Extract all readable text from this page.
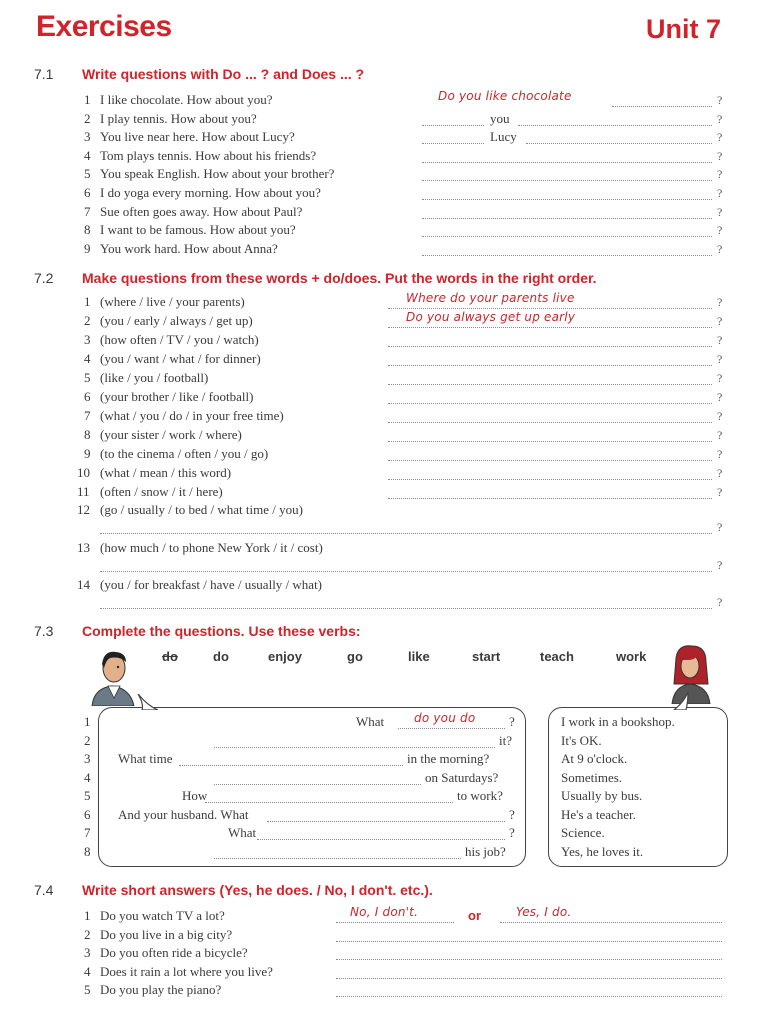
Exercises	Unit 7
7.1 Write questions with Do ... ? and Does ... ?
1 I like chocolate. How about you?	Do you like chocolate	?
2 I play tennis. How about you?	you	?
3 You live near here. How about Lucy?	Lucy	?
4 Tom plays tennis. How about his friends?	?
5 You speak English. How about your brother?	?
6 I do yoga every morning. How about you?	?
7 Sue often goes away. How about Paul?	?
8 I want to be famous. How about you?	?
9 You work hard. How about Anna?	?
7.2 Make questions from these words + do/does. Put the words in the right order.
1 (where / live / your parents)	Where do your parents live	?
2 (you / early / always / get up)	Do you always get up early	?
3 (how often / TV / you / watch)	?
4 (you / want / what / for dinner)	?
5 (like / you / football)	?
6 (your brother / like / football)	?
7 (what / you / do / in your free time)	?
8 (your sister / work / where)	?
9 (to the cinema / often / you / go)	?
10 (what / mean / this word)	?
11 (often / snow / it / here)	?
12 (go / usually / to bed / what time / you)
?
13 (how much / to phone New York / it / cost)
?
14 (you / for breakfast / have / usually / what)
?
7.3 Complete the questions. Use these verbs:
do	do	enjoy	go	like	start	teach	work
1	What do you do	?
2	it?
3 What time	in the morning?
4	on Saturdays?
5	How	to work?
6 And your husband. What	?
7	What	?
8	his job?
I work in a bookshop.
It's OK.
At 9 o'clock.
Sometimes.
Usually by bus.
He's a teacher.
Science.
Yes, he loves it.
7.4 Write short answers (Yes, he does. / No, I don't. etc.).
1 Do you watch TV a lot?	No, I don't.	or	Yes, I do.
2 Do you live in a big city?
3 Do you often ride a bicycle?
4 Does it rain a lot where you live?
5 Do you play the piano?
